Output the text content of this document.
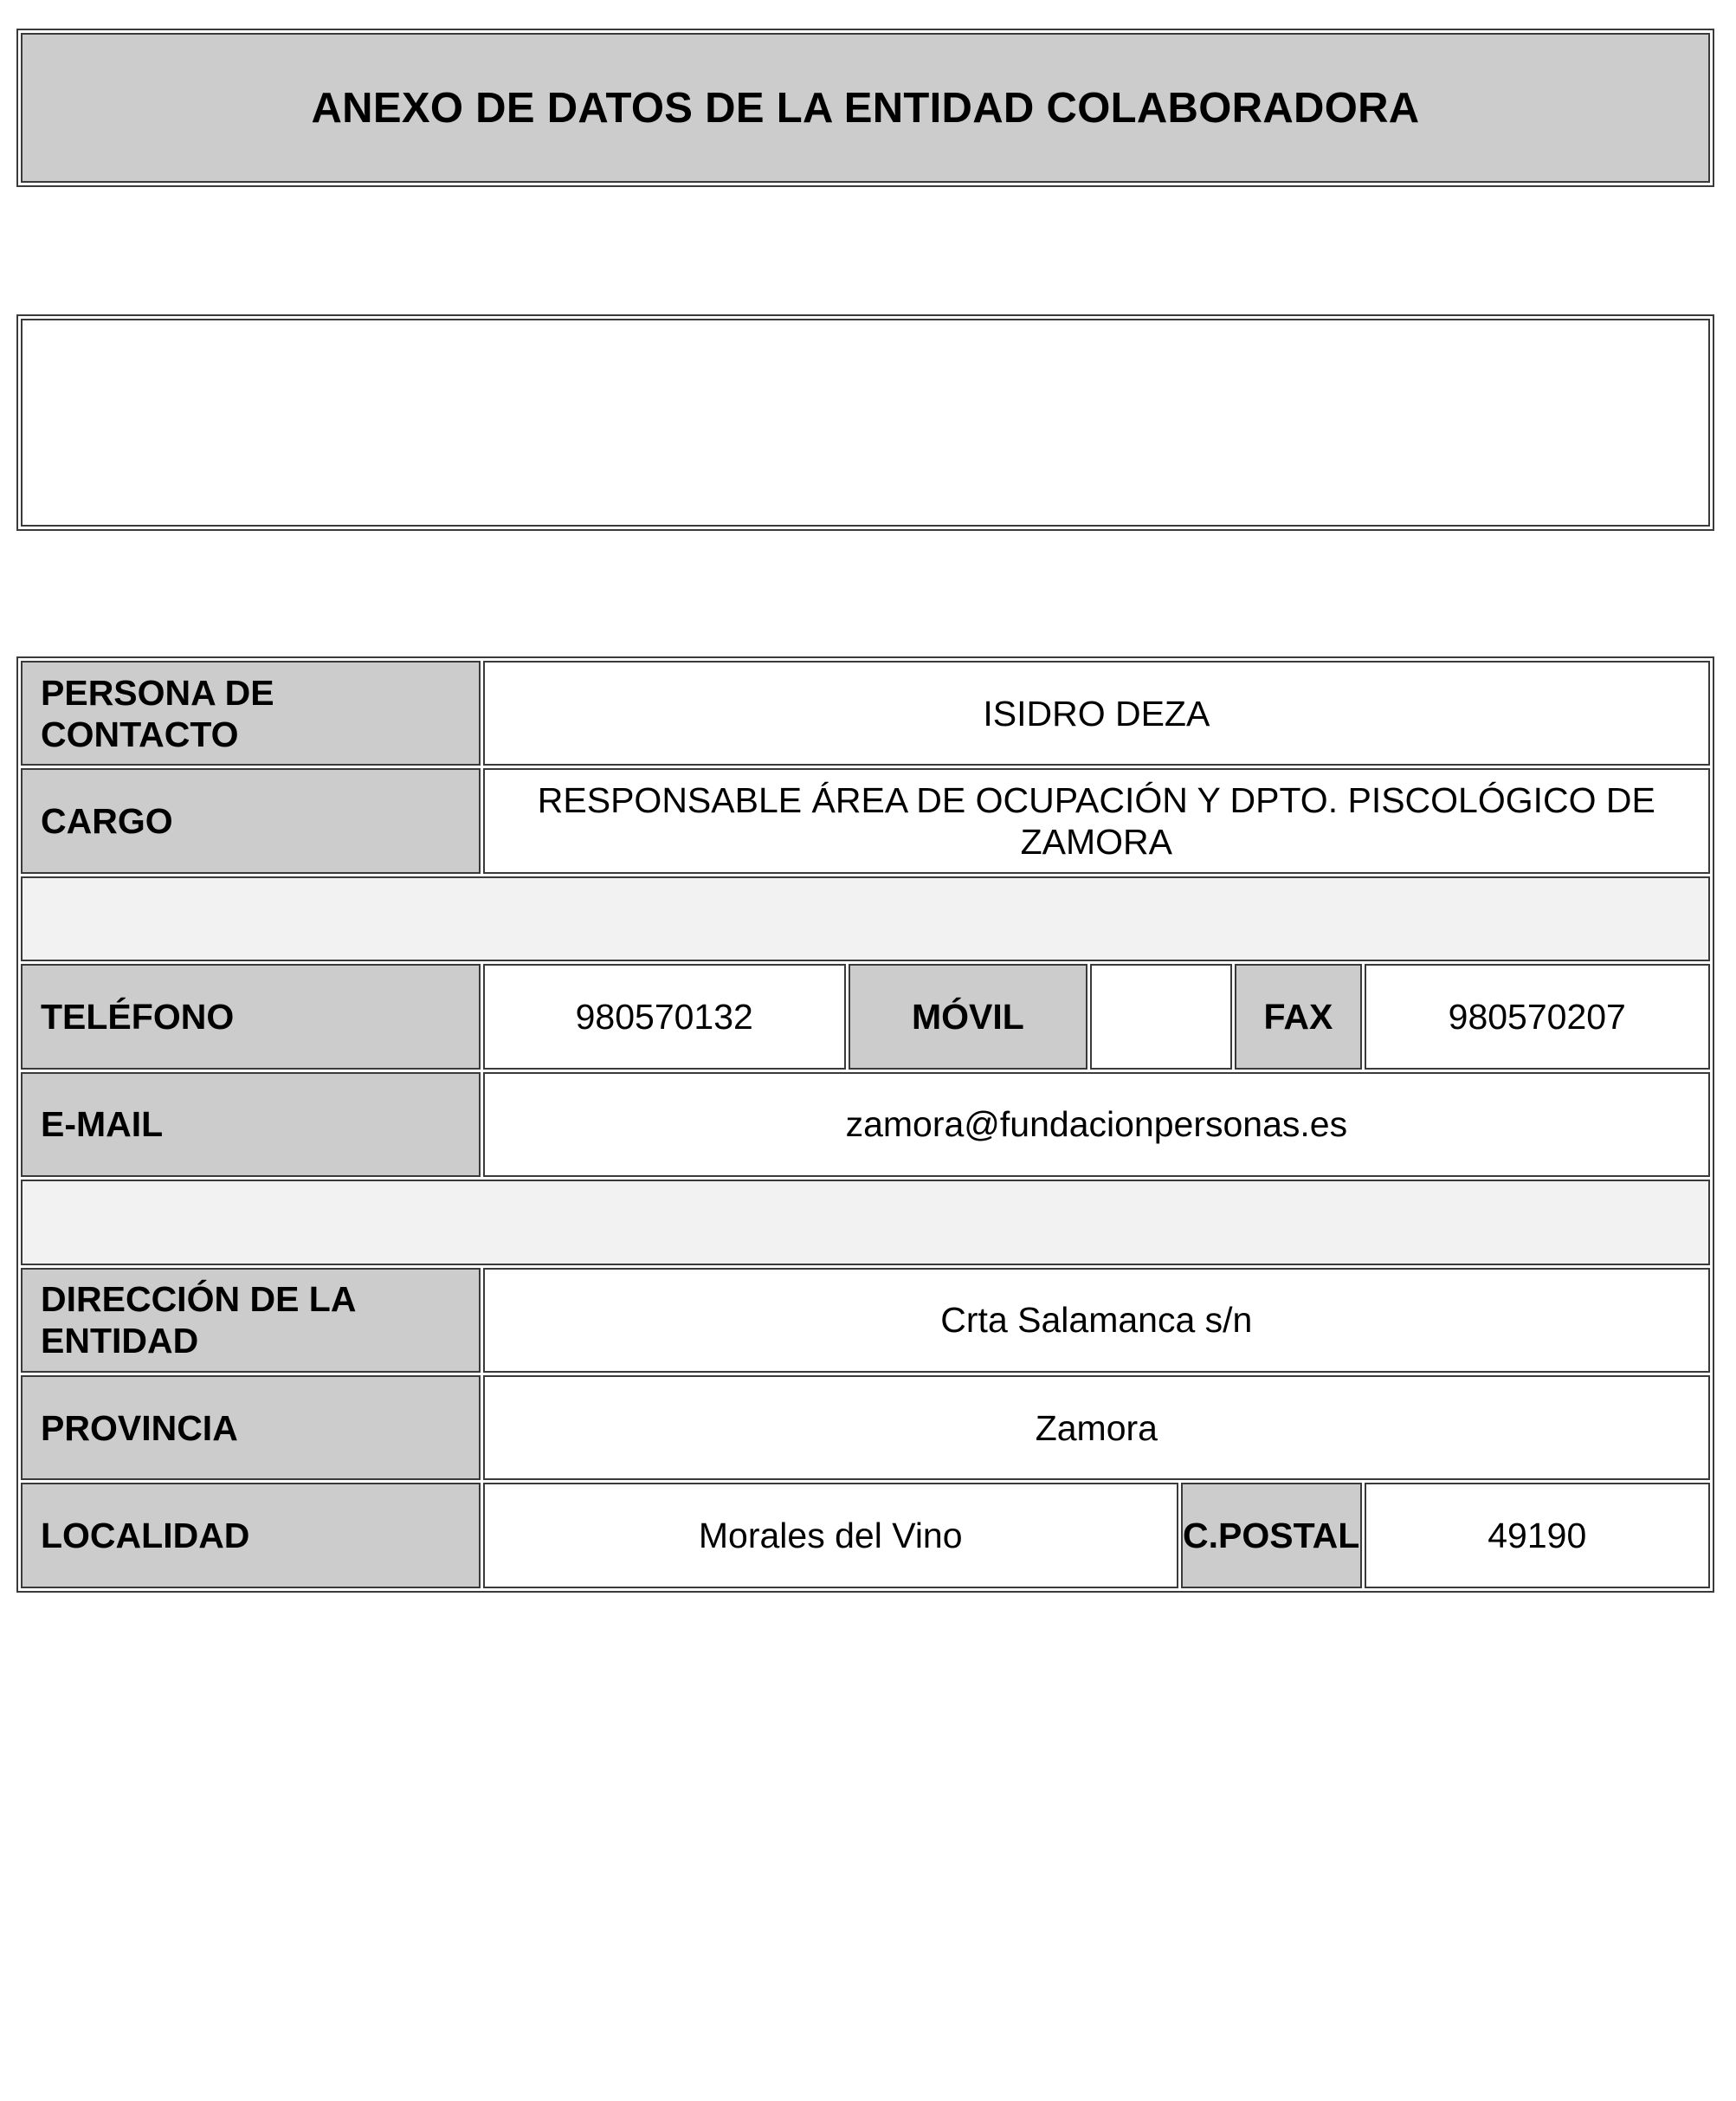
ANEXO DE DATOS DE LA ENTIDAD COLABORADORA
PERSONA DE CONTACTO	ISIDRO DEZA					
CARGO	RESPONSABLE ÁREA DE OCUPACIÓN Y DPTO. PISCOLÓGICO DE ZAMORA					

TELÉFONO	980570132	MÓVIL			FAX	980570207
E-MAIL	zamora@fundacionpersonas.es					

DIRECCIÓN DE LA ENTIDAD	Crta Salamanca s/n					
PROVINCIA	Zamora					
LOCALIDAD	Morales del Vino			C.POSTAL		49190
